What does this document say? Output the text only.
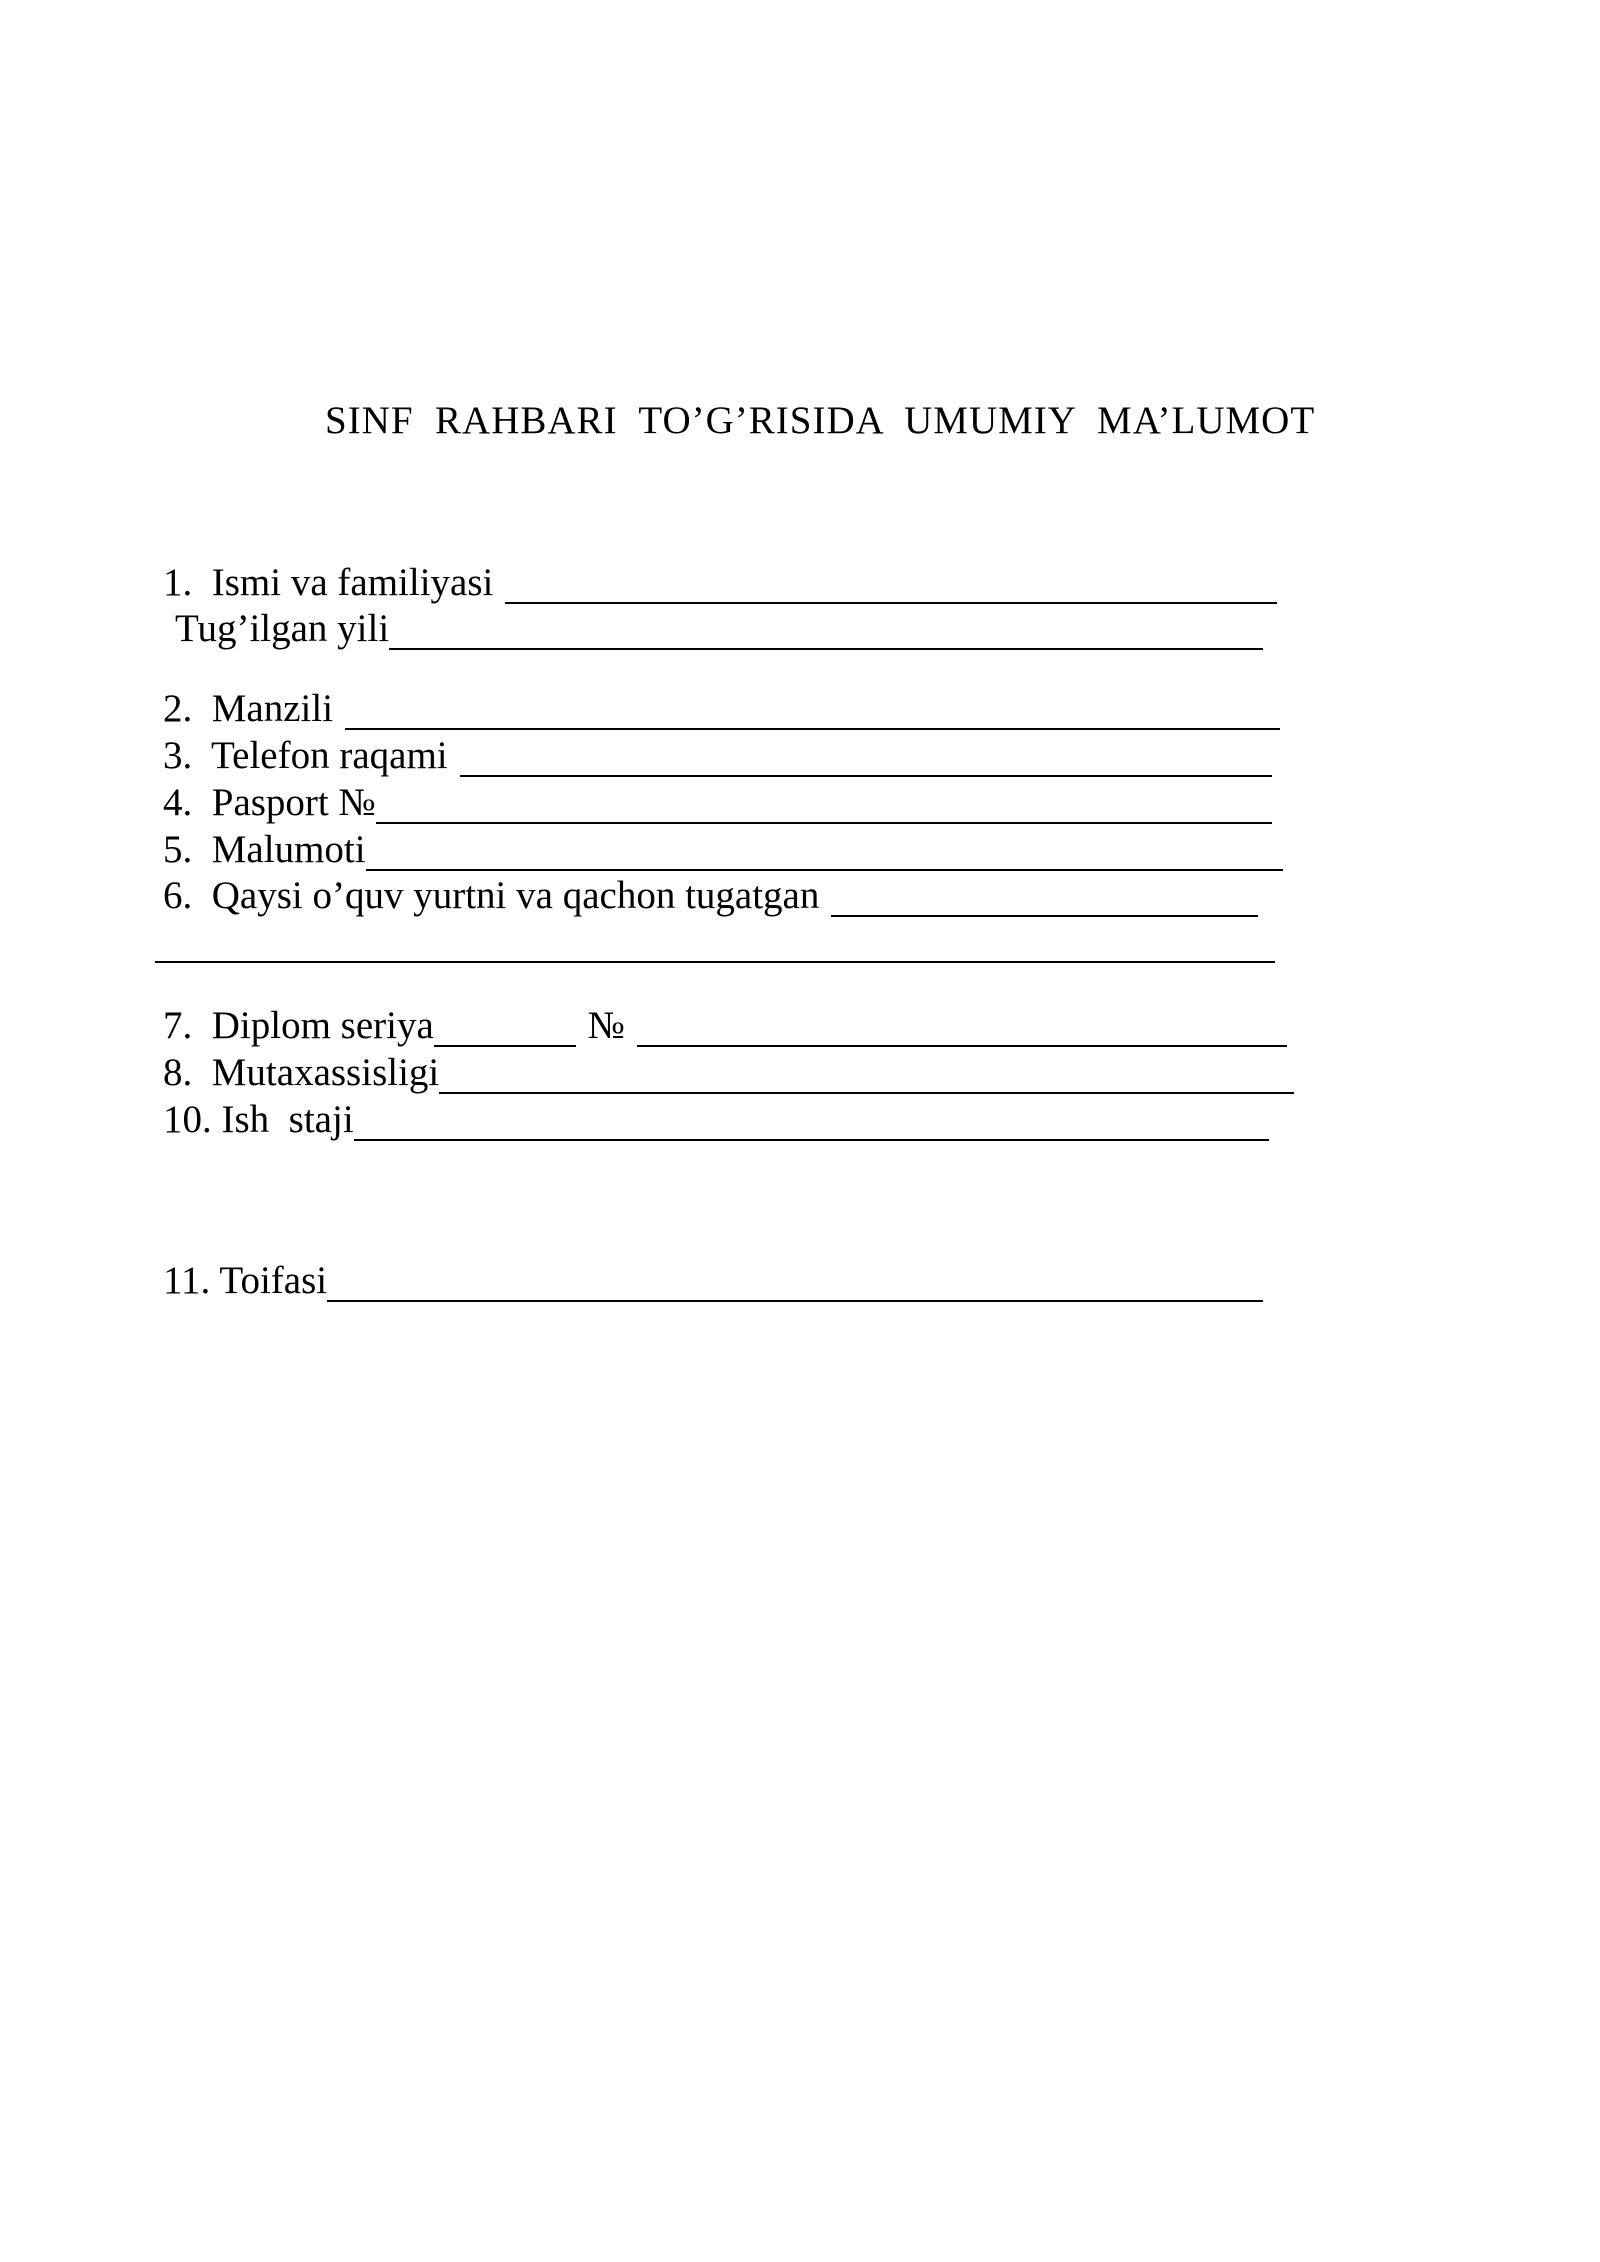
SINF  RAHBARI  TO’G’RISIDA  UMUMIY  MA’LUMOT
1.  Ismi va familiyasi
Tug’ilgan yili
2.  Manzili
3.  Telefon raqami
4.  Pasport №
5.  Malumoti
6.  Qaysi o’quv yurtni va qachon tugatgan
7.  Diplom seriya	№
8.  Mutaxassisligi
10. Ish  staji
11. Toifasi
